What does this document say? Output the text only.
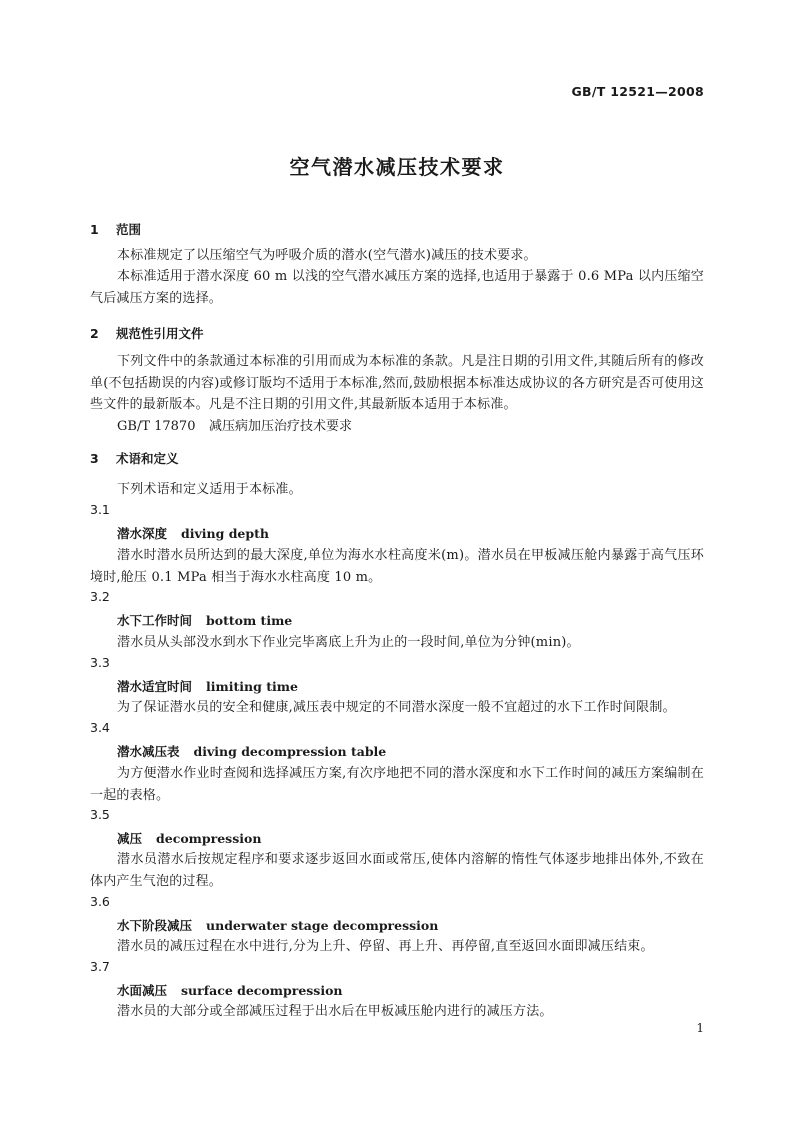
GB/T 12521—2008
空气潜水减压技术要求
1 范围
本标准规定了以压缩空气为呼吸介质的潜水(空气潜水)减压的技术要求。
本标准适用于潜水深度 60 m 以浅的空气潜水减压方案的选择,也适用于暴露于 0.6 MPa 以内压缩空气后减压方案的选择。
2 规范性引用文件
下列文件中的条款通过本标准的引用而成为本标准的条款。凡是注日期的引用文件,其随后所有的修改单(不包括勘误的内容)或修订版均不适用于本标准,然而,鼓励根据本标准达成协议的各方研究是否可使用这些文件的最新版本。凡是不注日期的引用文件,其最新版本适用于本标准。
GB/T 17870 减压病加压治疗技术要求
3 术语和定义
下列术语和定义适用于本标准。
3.1
潜水深度 diving depth
潜水时潜水员所达到的最大深度,单位为海水水柱高度米(m)。潜水员在甲板减压舱内暴露于高气压环境时,舱压 0.1 MPa 相当于海水水柱高度 10 m。
3.2
水下工作时间 bottom time
潜水员从头部没水到水下作业完毕离底上升为止的一段时间,单位为分钟(min)。
3.3
潜水适宜时间 limiting time
为了保证潜水员的安全和健康,减压表中规定的不同潜水深度一般不宜超过的水下工作时间限制。
3.4
潜水减压表 diving decompression table
为方便潜水作业时查阅和选择减压方案,有次序地把不同的潜水深度和水下工作时间的减压方案编制在一起的表格。
3.5
减压 decompression
潜水员潜水后按规定程序和要求逐步返回水面或常压,使体内溶解的惰性气体逐步地排出体外,不致在体内产生气泡的过程。
3.6
水下阶段减压 underwater stage decompression
潜水员的减压过程在水中进行,分为上升、停留、再上升、再停留,直至返回水面即减压结束。
3.7
水面减压 surface decompression
潜水员的大部分或全部减压过程于出水后在甲板减压舱内进行的减压方法。
1
